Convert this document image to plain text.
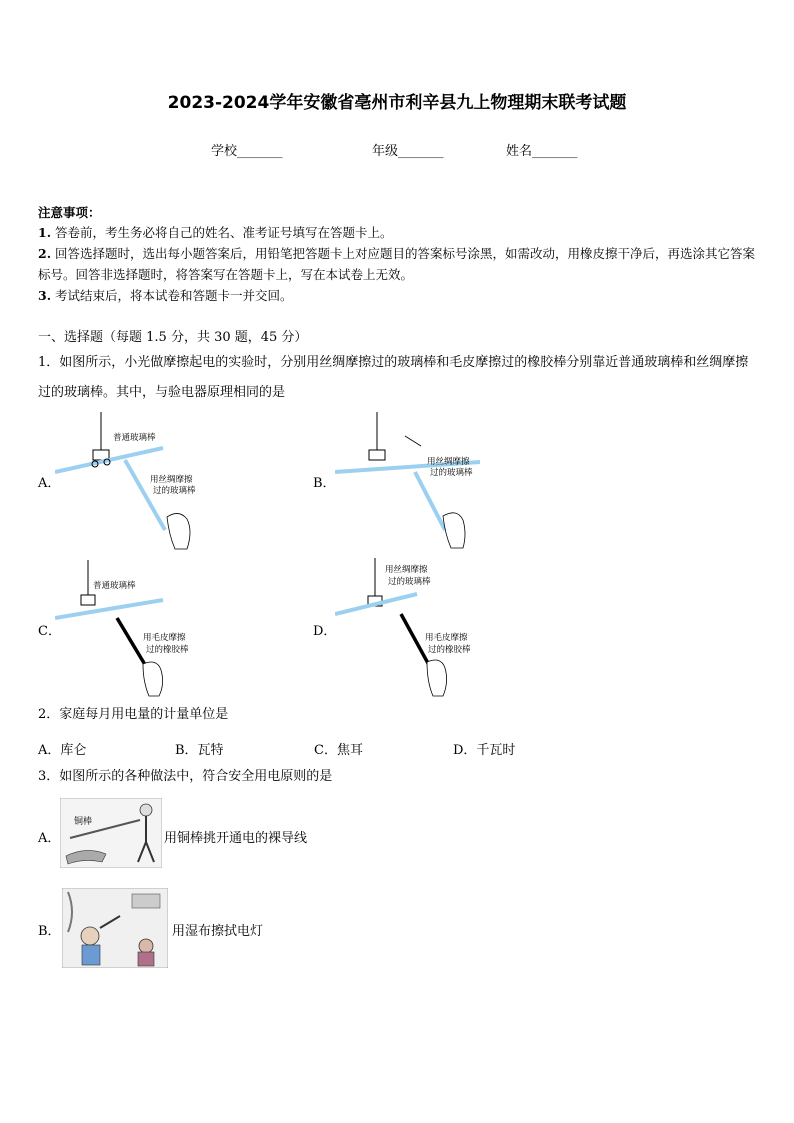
2023-2024学年安徽省亳州市利辛县九上物理期末联考试题
学校_______	年级_______	姓名_______
注意事项：
1. 答卷前，考生务必将自己的姓名、准考证号填写在答题卡上。
2. 回答选择题时，选出每小题答案后，用铅笔把答题卡上对应题目的答案标号涂黑，如需改动，用橡皮擦干净后，再选涂其它答案标号。回答非选择题时，将答案写在答题卡上，写在本试卷上无效。
3. 考试结束后，将本试卷和答题卡一并交回。
一、选择题（每题 1.5 分，共 30 题，45 分）
1．如图所示，小光做摩擦起电的实验时，分别用丝绸摩擦过的玻璃棒和毛皮摩擦过的橡胶棒分别靠近普通玻璃棒和丝绸摩擦过的玻璃棒。其中，与验电器原理相同的是
A．
普通玻璃棒
用丝绸摩擦
过的玻璃棒	B．
用丝绸摩擦
过的玻璃棒
C．
普通玻璃棒
用毛皮摩擦
过的橡胶棒
D．
用丝绸摩擦
过的玻璃棒
用毛皮摩擦
过的橡胶棒
2．家庭每月用电量的计量单位是
A．库仑	B．瓦特	C．焦耳	D．千瓦时
3．如图所示的各种做法中，符合安全用电原则的是
A．
铜棒
用铜棒挑开通电的裸导线
B．	用湿布擦拭电灯
